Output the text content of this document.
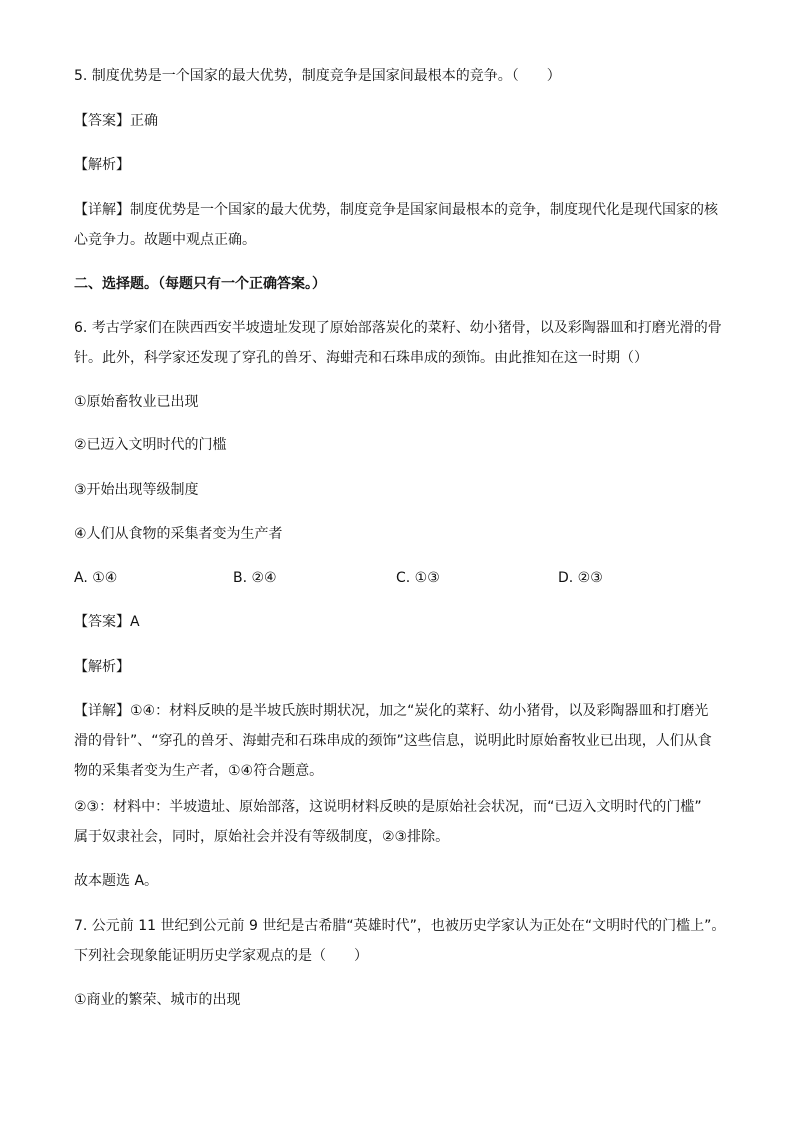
5. 制度优势是一个国家的最大优势，制度竞争是国家间最根本的竞争。（　　）
【答案】正确
【解析】
【详解】制度优势是一个国家的最大优势，制度竞争是国家间最根本的竞争，制度现代化是现代国家的核
心竞争力。故题中观点正确。
二、选择题。（每题只有一个正确答案。）
6. 考古学家们在陕西西安半坡遗址发现了原始部落炭化的菜籽、幼小猪骨，以及彩陶器皿和打磨光滑的骨
针。此外，科学家还发现了穿孔的兽牙、海蚶壳和石珠串成的颈饰。由此推知在这一时期（）
①原始畜牧业已出现
②已迈入文明时代的门槛
③开始出现等级制度
④人们从食物的采集者变为生产者
A. ①④	B. ②④	C. ①③	D. ②③
【答案】A
【解析】
【详解】①④：材料反映的是半坡氏族时期状况，加之“炭化的菜籽、幼小猪骨，以及彩陶器皿和打磨光
滑的骨针”、“穿孔的兽牙、海蚶壳和石珠串成的颈饰”这些信息，说明此时原始畜牧业已出现，人们从食
物的采集者变为生产者，①④符合题意。
②③：材料中：半坡遗址、原始部落，这说明材料反映的是原始社会状况，而“已迈入文明时代的门槛”
属于奴隶社会，同时，原始社会并没有等级制度，②③排除。
故本题选 A。
7. 公元前 11 世纪到公元前 9 世纪是古希腊“英雄时代”，也被历史学家认为正处在“文明时代的门槛上”。
下列社会现象能证明历史学家观点的是（　　）
①商业的繁荣、城市的出现
